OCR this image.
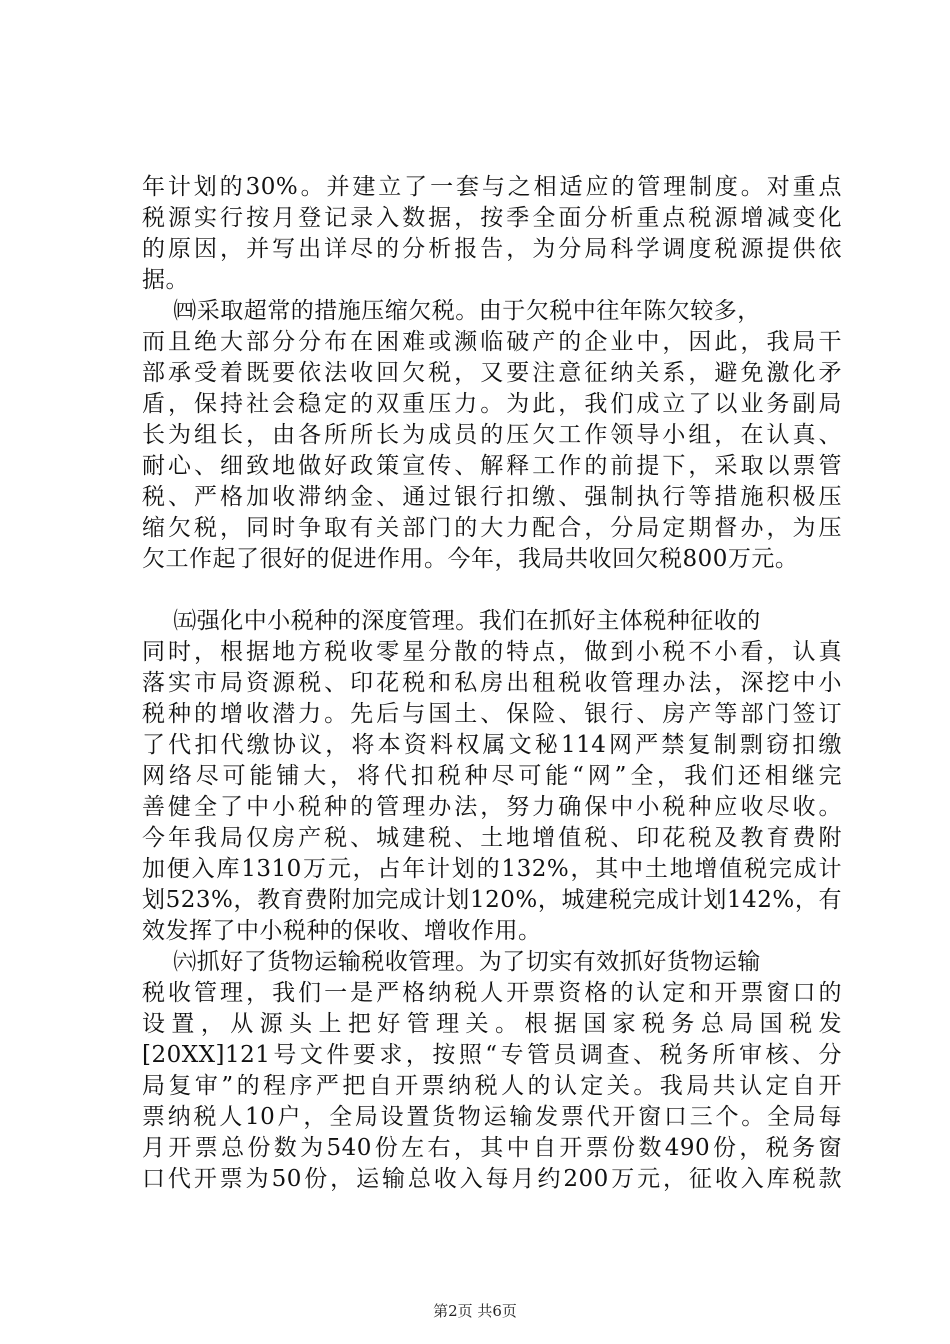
年计划的30%。并建立了一套与之相适应的管理制度。对重点
税源实行按月登记录入数据，按季全面分析重点税源增减变化
的原因，并写出详尽的分析报告，为分局科学调度税源提供依
据。
㈣采取超常的措施压缩欠税。由于欠税中往年陈欠较多，
而且绝大部分分布在困难或濒临破产的企业中，因此，我局干
部承受着既要依法收回欠税，又要注意征纳关系，避免激化矛
盾，保持社会稳定的双重压力。为此，我们成立了以业务副局
长为组长，由各所所长为成员的压欠工作领导小组，在认真、
耐心、细致地做好政策宣传、解释工作的前提下，采取以票管
税、严格加收滞纳金、通过银行扣缴、强制执行等措施积极压
缩欠税，同时争取有关部门的大力配合，分局定期督办，为压
欠工作起了很好的促进作用。今年，我局共收回欠税800万元。
㈤强化中小税种的深度管理。我们在抓好主体税种征收的
同时，根据地方税收零星分散的特点，做到小税不小看，认真
落实市局资源税、印花税和私房出租税收管理办法，深挖中小
税种的增收潜力。先后与国土、保险、银行、房产等部门签订
了代扣代缴协议，将本资料权属文秘114网严禁复制剽窃扣缴
网络尽可能铺大，将代扣税种尽可能“网”全，我们还相继完
善健全了中小税种的管理办法，努力确保中小税种应收尽收。
今年我局仅房产税、城建税、土地增值税、印花税及教育费附
加便入库1310万元，占年计划的132%，其中土地增值税完成计
划523%，教育费附加完成计划120%，城建税完成计划142%，有
效发挥了中小税种的保收、增收作用。
㈥抓好了货物运输税收管理。为了切实有效抓好货物运输
税收管理，我们一是严格纳税人开票资格的认定和开票窗口的
设置，从源头上把好管理关。根据国家税务总局国税发
[20XX]121号文件要求，按照“专管员调查、税务所审核、分
局复审”的程序严把自开票纳税人的认定关。我局共认定自开
票纳税人10户，全局设置货物运输发票代开窗口三个。全局每
月开票总份数为540份左右，其中自开票份数490份，税务窗
口代开票为50份，运输总收入每月约200万元，征收入库税款
第2页 共6页
